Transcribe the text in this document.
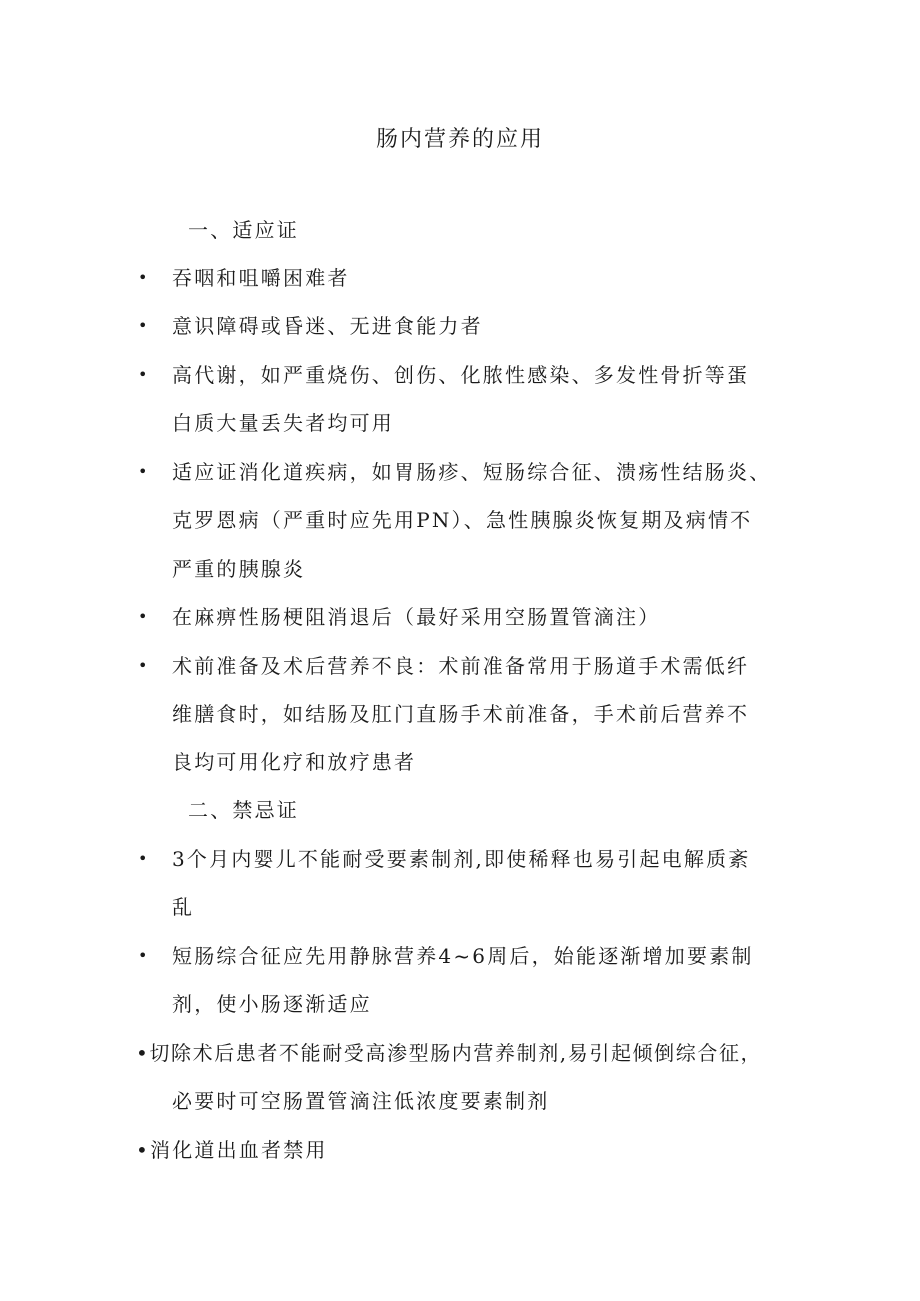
肠内营养的应用
一、适应证
• 吞咽和咀嚼困难者
• 意识障碍或昏迷、无进食能力者
• 高代谢，如严重烧伤、创伤、化脓性感染、多发性骨折等蛋
白质大量丢失者均可用
• 适应证消化道疾病，如胃肠疹、短肠综合征、溃疡性结肠炎、
克罗恩病（严重时应先用PN）、急性胰腺炎恢复期及病情不
严重的胰腺炎
• 在麻痹性肠梗阻消退后（最好采用空肠置管滴注）
• 术前准备及术后营养不良：术前准备常用于肠道手术需低纤
维膳食时，如结肠及肛门直肠手术前准备，手术前后营养不
良均可用化疗和放疗患者
二、禁忌证
• 3个月内婴儿不能耐受要素制剂,即使稀释也易引起电解质紊
乱
• 短肠综合征应先用静脉营养4~6周后，始能逐渐增加要素制
剂，使小肠逐渐适应
•切除术后患者不能耐受高渗型肠内营养制剂,易引起倾倒综合征，
必要时可空肠置管滴注低浓度要素制剂
•消化道出血者禁用
